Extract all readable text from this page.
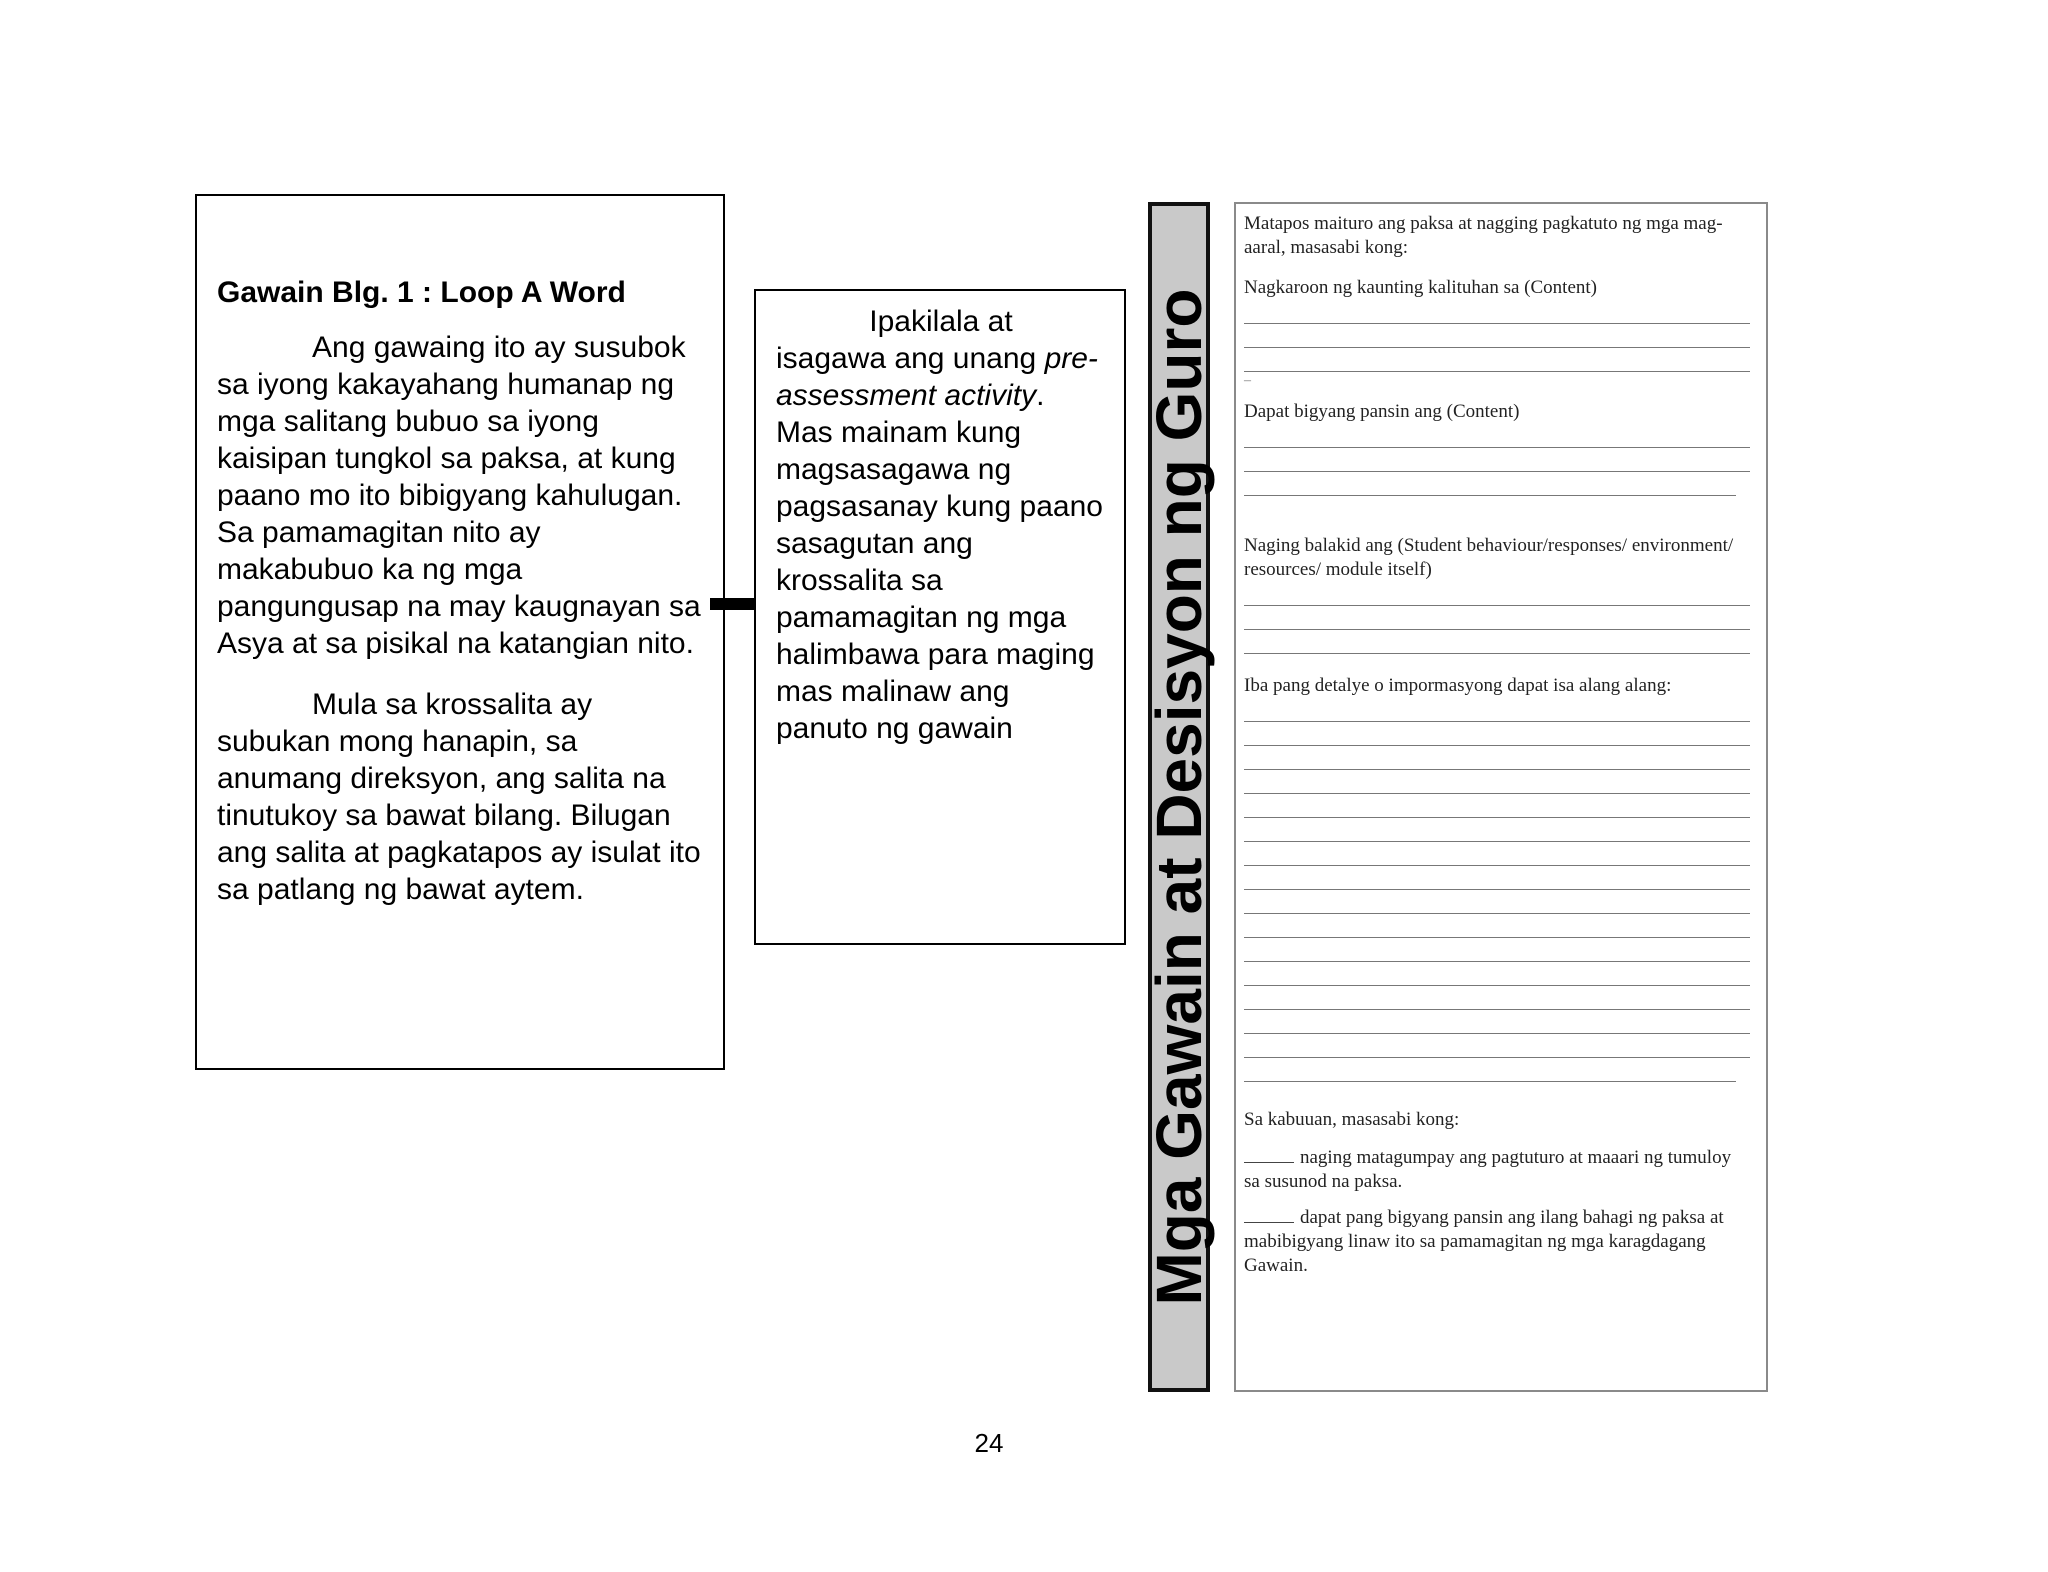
Gawain Blg. 1 : Loop A Word

Ang gawaing ito ay susubok sa iyong kakayahang humanap ng mga salitang bubuo sa iyong kaisipan tungkol sa paksa, at kung paano mo ito bibigyang kahulugan. Sa pamamagitan nito ay makabubuo ka ng mga pangungusap na may kaugnayan sa Asya at sa pisikal na katangian nito.

Mula sa krossalita ay subukan mong hanapin, sa anumang direksyon, ang salita na tinutukoy sa bawat bilang. Bilugan ang salita at pagkatapos ay isulat ito sa patlang ng bawat aytem.

Ipakilala at
isagawa ang unang pre-assessment activity. Mas mainam kung magsasagawa ng pagsasanay kung paano sasagutan ang krossalita sa pamamagitan ng mga halimbawa para maging mas malinaw ang panuto ng gawain	Mga Gawain at Desisyon ng Guro

Matapos maituro ang paksa at nagging pagkatuto ng mga mag-aaral, masasabi kong:

Nagkaroon ng kaunting kalituhan sa (Content)

–

Dapat bigyang pansin ang (Content)

Naging balakid ang (Student behaviour/responses/ environment/ resources/ module itself)

Iba pang detalye o impormasyong dapat isa alang alang:

Sa kabuuan, masasabi kong:

naging matagumpay ang pagtuturo at maaari ng tumuloy sa susunod na paksa.

dapat pang bigyang pansin ang ilang bahagi ng paksa at mabibigyang linaw ito sa pamamagitan ng mga karagdagang Gawain.

24
